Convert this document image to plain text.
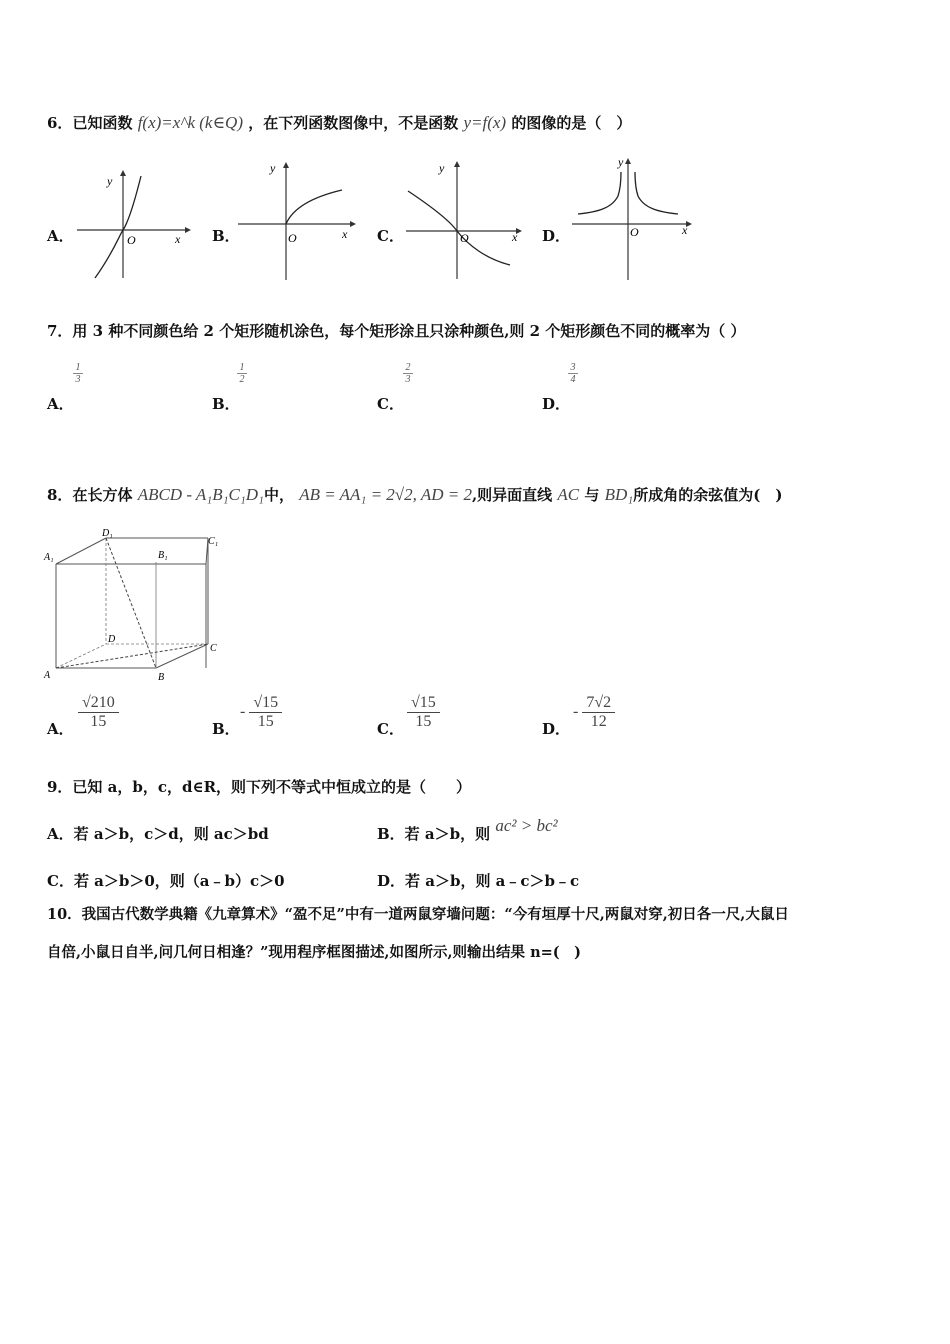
6．已知函数 f(x)=x^k (k∈Q) ，在下列函数图像中，不是函数 y=f(x) 的图像的是（　）
A．	x
y
O	B．	x
y
O	C．	x
y
O	D．	x
y
O
7．用 3 种不同颜色给 2 个矩形随机涂色，每个矩形涂且只涂种颜色,则 2 个矩形颜色不同的概率为（ ）
A．
1
3
B．
1
2
C．
2
3
D．
3
4
8．在长方体 ABCD - A₁B₁C₁D₁中， AB = AA₁ = 2√2, AD = 2,则异面直线 AC 与 BD₁所成角的余弦值为(　)
A₁
D₁
C₁
B₁
A	B
C
D
A． $\frac{√210}{15}$	B．
- $\frac{√15}{15}$	C． $\frac{√15}{15}$	D．
- $\frac{7√2}{12}$
9．已知 a，b，c，d∈R，则下列不等式中恒成立的是（　　）
A．若 a＞b，c＞d，则 ac＞bd	B．若 a＞b，则 ac² > bc²
C．若 a＞b＞0，则（a﹣b）c＞0	D．若 a＞b，则 a﹣c＞b﹣c
10．我国古代数学典籍《九章算术》“盈不足”中有一道两鼠穿墙问题：“今有垣厚十尺,两鼠对穿,初日各一尺,大鼠日
自倍,小鼠日自半,问几何日相逢？”现用程序框图描述,如图所示,则输出结果 n=(　)
